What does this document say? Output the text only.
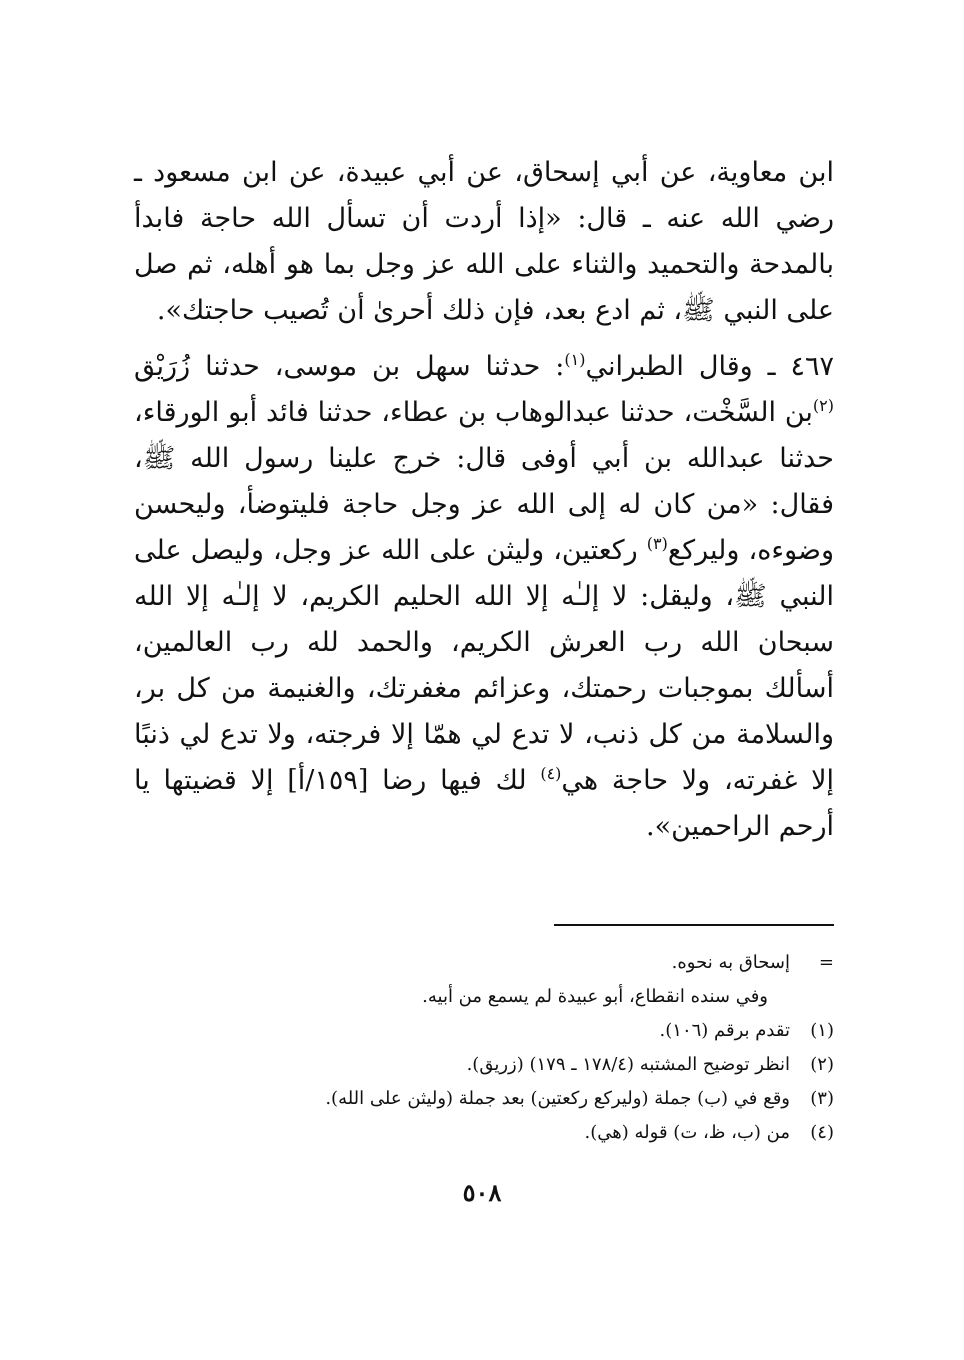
ابن معاوية، عن أبي إسحاق، عن أبي عبيدة، عن ابن مسعود ـ رضي الله عنه ـ قال: «إذا أردت أن تسأل الله حاجة فابدأ بالمدحة والتحميد والثناء على الله عز وجل بما هو أهله، ثم صل على النبي ﷺ، ثم ادع بعد، فإن ذلك أحرىٰ أن تُصيب حاجتك».

٤٦٧ ـ وقال الطبراني$^{(١)}$: حدثنا سهل بن موسى، حدثنا زُرَيْق $^{(٢)}$بن السَّخْت، حدثنا عبدالوهاب بن عطاء، حدثنا فائد أبو الورقاء، حدثنا عبدالله بن أبي أوفى قال: خرج علينا رسول الله ﷺ، فقال: «من كان له إلى الله عز وجل حاجة فليتوضأ، وليحسن وضوءه، وليركع$^{(٣)}$ ركعتين، وليثن على الله عز وجل، وليصل على النبي ﷺ، وليقل: لا إلـٰه إلا الله الحليم الكريم، لا إلـٰه إلا الله سبحان الله رب العرش الكريم، والحمد لله رب العالمين، أسألك بموجبات رحمتك، وعزائم مغفرتك، والغنيمة من كل بر، والسلامة من كل ذنب، لا تدع لي همّا إلا فرجته، ولا تدع لي ذنبًا إلا غفرته، ولا حاجة هي$^{(٤)}$ لك فيها رضا [١٥٩/أ] إلا قضيتها يا أرحم الراحمين».

=
إسحاق به نحوه.
وفي سنده انقطاع، أبو عبيدة لم يسمع من أبيه.
(١)
تقدم برقم (١٠٦).
(٢)
انظر توضيح المشتبه (١٧٨/٤ ـ ١٧٩) (زريق).
(٣)
وقع في (ب) جملة (وليركع ركعتين) بعد جملة (وليثن على الله).
(٤)
من (ب، ظ، ت) قوله (هي).
٥٠٨
